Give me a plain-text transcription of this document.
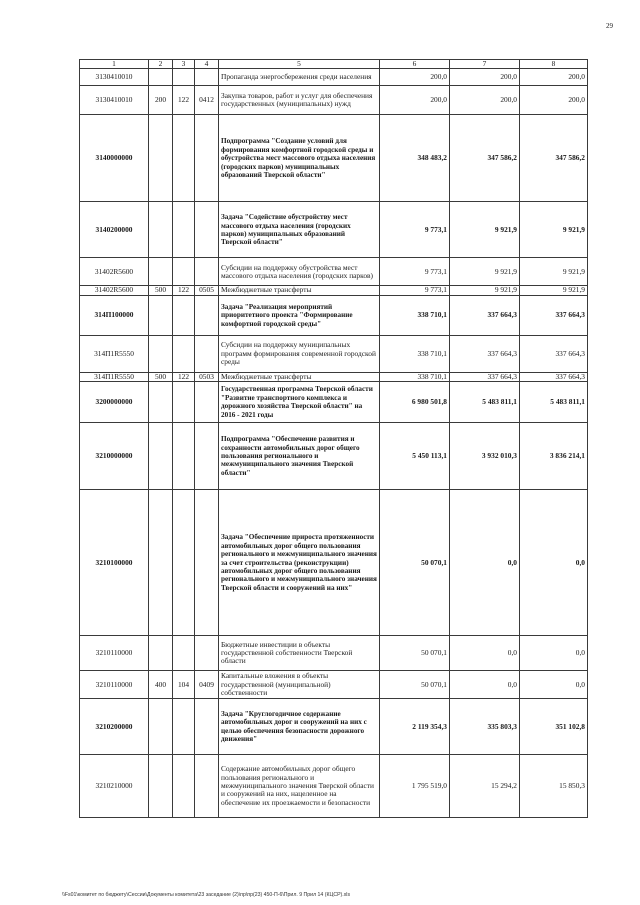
29
1	2	3	4	5	6	7	8
3130410010				Пропаганда энергосбережения среди населения	200,0	200,0	200,0
3130410010	200	122	0412	Закупка товаров, работ и услуг для обеспечения государственных (муниципальных) нужд	200,0	200,0	200,0
3140000000				Подпрограмма "Создание условий для формирования комфортной городской среды и обустройства мест массового отдыха населения (городских парков) муниципальных образований Тверской области"	348 483,2	347 586,2	347 586,2
3140200000				Задача "Содействие обустройству мест массового отдыха населения (городских парков) муниципальных образований Тверской области"	9 773,1	9 921,9	9 921,9
31402R5600				Субсидии на поддержку обустройства мест массового отдыха населения (городских парков)	9 773,1	9 921,9	9 921,9
31402R5600	500	122	0505	Межбюджетные трансферты	9 773,1	9 921,9	9 921,9
314П100000				Задача "Реализация мероприятий приоритетного проекта "Формирование комфортной городской среды"	338 710,1	337 664,3	337 664,3
314П1R5550				Субсидии на поддержку муниципальных программ формирования современной городской среды	338 710,1	337 664,3	337 664,3
314П1R5550	500	122	0503	Межбюджетные трансферты	338 710,1	337 664,3	337 664,3
3200000000				Государственная программа Тверской области "Развитие транспортного комплекса и дорожного хозяйства Тверской области" на 2016 - 2021 годы	6 980 501,8	5 483 811,1	5 483 811,1
3210000000				Подпрограмма "Обеспечение развития и сохранности автомобильных дорог общего пользования регионального и межмуниципального значения Тверской области"	5 450 113,1	3 932 010,3	3 836 214,1
3210100000				Задача "Обеспечение прироста протяженности автомобильных дорог общего пользования регионального и межмуниципального значения за счет строительства (реконструкции) автомобильных дорог общего пользования регионального и межмуниципального значения Тверской области и сооружений на них"	50 070,1	0,0	0,0
3210110000				Бюджетные инвестиции в объекты государственной собственности Тверской области	50 070,1	0,0	0,0
3210110000	400	104	0409	Капитальные вложения в объекты государственной (муниципальной) собственности	50 070,1	0,0	0,0
3210200000				Задача "Круглогодичное содержание автомобильных дорог и сооружений на них с целью обеспечения безопасности дорожного движения"	2 119 354,3	335 803,3	351 102,8
3210210000				Содержание автомобильных дорог общего пользования регионального и межмуниципального значения Тверской области и сооружений на них, нацеленное на обеспечение их проезжаемости и безопасности	1 795 519,0	15 294,2	15 850,3
\\Fs01\комитет по бюджету\Сессии\Документы комитета\23 заседание (2)\пр\пр(23) 450-П-6\Прил. 9 Прил 14 (КЦСР).xls
